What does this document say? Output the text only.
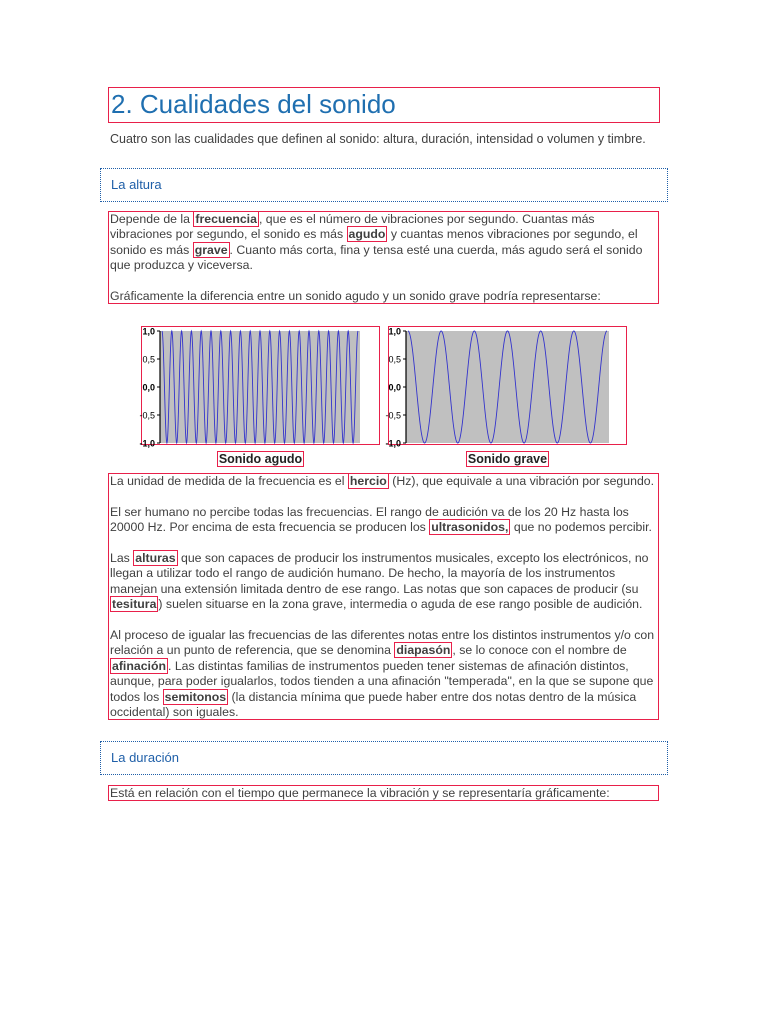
2. Cualidades del sonido
Cuatro son las cualidades que definen al sonido: altura, duración, intensidad o volumen y timbre.
La altura

Depende de la frecuencia , que es el número de vibraciones por segundo. Cuantas más vibraciones por segundo, el sonido es más agudo y cuantas menos vibraciones por segundo, el sonido es más grave . Cuanto más corta, fina y tensa esté una cuerda, más agudo será el sonido que produzca y viceversa.

Gráficamente la diferencia entre un sonido agudo y un sonido grave podría representarse:

1,0
0,5
0,0
-0,5
-1,0
Sonido agudo
1,0
0,5
0,0
-0,5
-1,0
Sonido grave

La unidad de medida de la frecuencia es el hercio (Hz), que equivale a una vibración por segundo.

El ser humano no percibe todas las frecuencias. El rango de audición va de los 20 Hz hasta los 20000 Hz. Por encima de esta frecuencia se producen los ultrasonidos, que no podemos percibir.

Las alturas que son capaces de producir los instrumentos musicales, excepto los electrónicos, no llegan a utilizar todo el rango de audición humano. De hecho, la mayoría de los instrumentos manejan una extensión limitada dentro de ese rango. Las notas que son capaces de producir (su tesitura ) suelen situarse en la zona grave, intermedia o aguda de ese rango posible de audición.

Al proceso de igualar las frecuencias de las diferentes notas entre los distintos instrumentos y/o con relación a un punto de referencia, que se denomina diapasón , se lo conoce con el nombre de afinación . Las distintas familias de instrumentos pueden tener sistemas de afinación distintos, aunque, para poder igualarlos, todos tienden a una afinación "temperada", en la que se supone que todos los semitonos (la distancia mínima que puede haber entre dos notas dentro de la música occidental) son iguales.

La duración

Está en relación con el tiempo que permanece la vibración y se representaría gráficamente:
